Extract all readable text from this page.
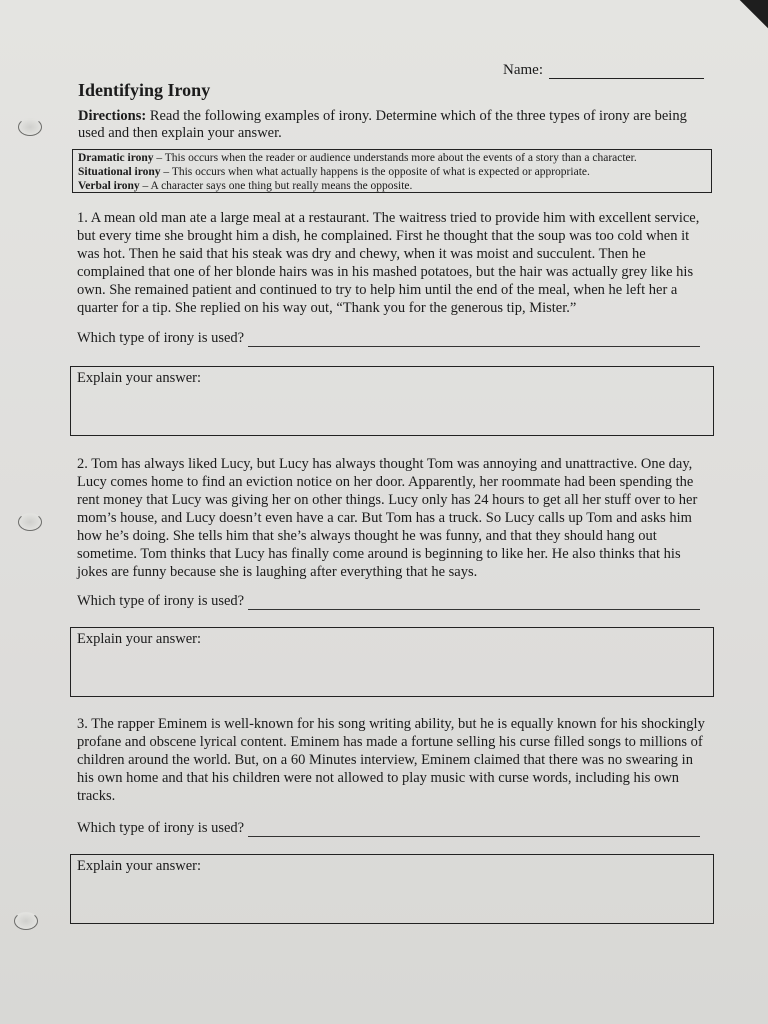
Name:
Identifying Irony
Directions: Read the following examples of irony. Determine which of the three types of irony are being used and then explain your answer.
Dramatic irony – This occurs when the reader or audience understands more about the events of a story than a character.
Situational irony – This occurs when what actually happens is the opposite of what is expected or appropriate.
Verbal irony – A character says one thing but really means the opposite.
1. A mean old man ate a large meal at a restaurant. The waitress tried to provide him with excellent service, but every time she brought him a dish, he complained. First he thought that the soup was too cold when it was hot. Then he said that his steak was dry and chewy, when it was moist and succulent. Then he complained that one of her blonde hairs was in his mashed potatoes, but the hair was actually grey like his own. She remained patient and continued to try to help him until the end of the meal, when he left her a quarter for a tip. She replied on his way out, “Thank you for the generous tip, Mister.”
Which type of irony is used?
Explain your answer:
2. Tom has always liked Lucy, but Lucy has always thought Tom was annoying and unattractive. One day, Lucy comes home to find an eviction notice on her door. Apparently, her roommate had been spending the rent money that Lucy was giving her on other things. Lucy only has 24 hours to get all her stuff over to her mom’s house, and Lucy doesn’t even have a car. But Tom has a truck. So Lucy calls up Tom and asks him how he’s doing. She tells him that she’s always thought he was funny, and that they should hang out sometime. Tom thinks that Lucy has finally come around is beginning to like her. He also thinks that his jokes are funny because she is laughing after everything that he says.
Which type of irony is used?
Explain your answer:
3. The rapper Eminem is well-known for his song writing ability, but he is equally known for his shockingly profane and obscene lyrical content. Eminem has made a fortune selling his curse filled songs to millions of children around the world. But, on a 60 Minutes interview, Eminem claimed that there was no swearing in his own home and that his children were not allowed to play music with curse words, including his own tracks.
Which type of irony is used?
Explain your answer:
